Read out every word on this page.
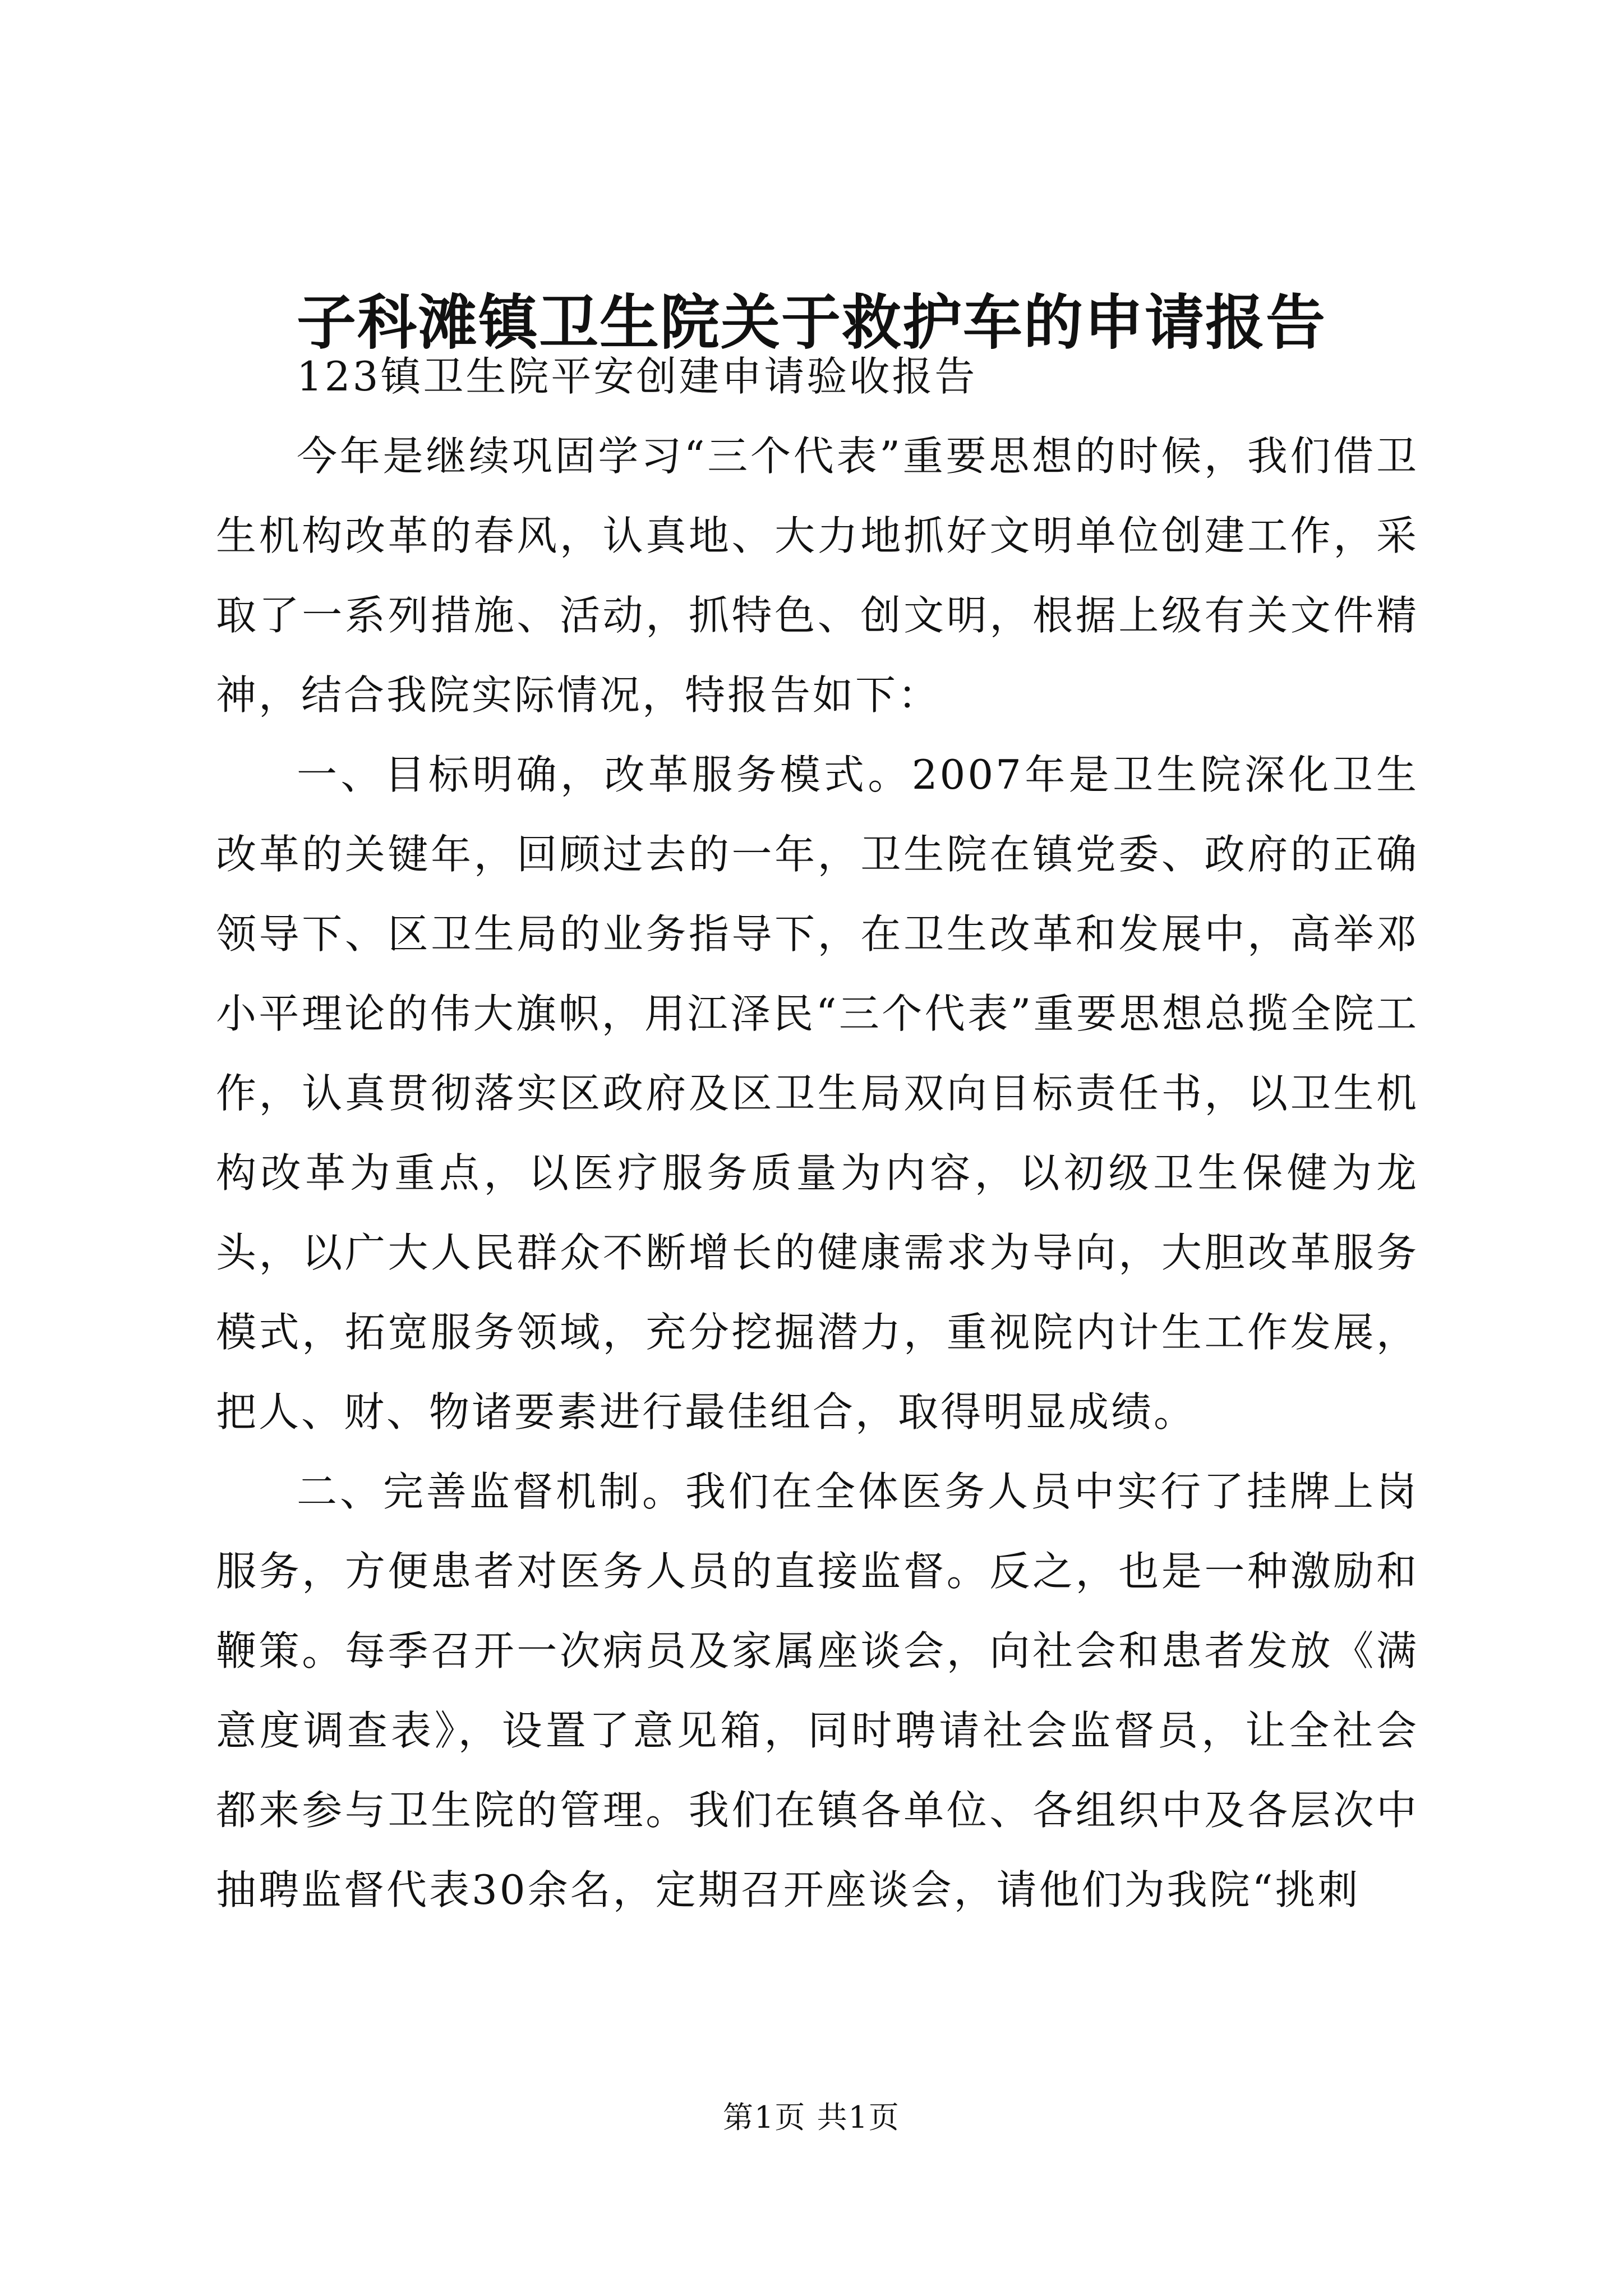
子科滩镇卫生院关于救护车的申请报告

123镇卫生院平安创建申请验收报告

今年是继续巩固学习“三个代表”重要思想的时候，我们借卫生机构改革的春风，认真地、大力地抓好文明单位创建工作，采取了一系列措施、活动，抓特色、创文明，根据上级有关文件精神，结合我院实际情况，特报告如下：

一、目标明确，改革服务模式。2007年是卫生院深化卫生改革的关键年，回顾过去的一年，卫生院在镇党委、政府的正确领导下、区卫生局的业务指导下，在卫生改革和发展中，高举邓小平理论的伟大旗帜，用江泽民“三个代表”重要思想总揽全院工作，认真贯彻落实区政府及区卫生局双向目标责任书，以卫生机构改革为重点，以医疗服务质量为内容，以初级卫生保健为龙头，以广大人民群众不断增长的健康需求为导向，大胆改革服务模式，拓宽服务领域，充分挖掘潜力，重视院内计生工作发展，把人、财、物诸要素进行最佳组合，取得明显成绩。

二、完善监督机制。我们在全体医务人员中实行了挂牌上岗服务，方便患者对医务人员的直接监督。反之，也是一种激励和鞭策。每季召开一次病员及家属座谈会，向社会和患者发放《满意度调查表》，设置了意见箱，同时聘请社会监督员，让全社会都来参与卫生院的管理。我们在镇各单位、各组织中及各层次中抽聘监督代表30余名，定期召开座谈会，请他们为我院“挑刺

第1页 共1页
